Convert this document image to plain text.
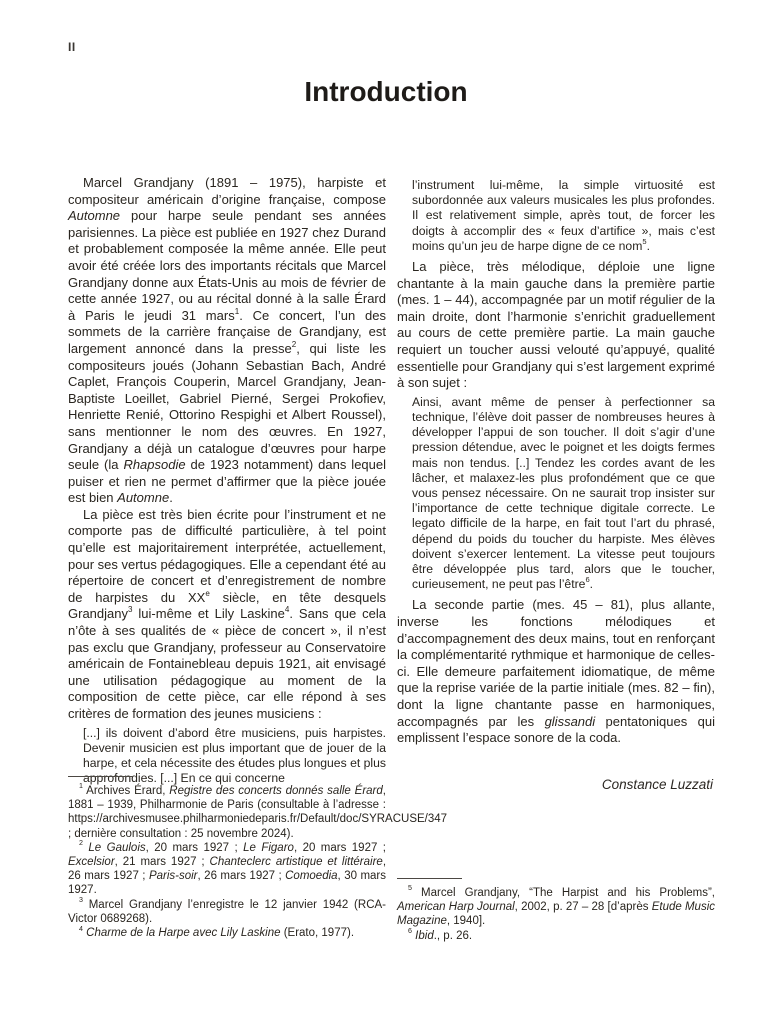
II
Introduction

Marcel Grandjany (1891 – 1975), harpiste et compositeur américain d’origine française, compose Automne pour harpe seule pendant ses années parisiennes. La pièce est publiée en 1927 chez Durand et probablement composée la même année. Elle peut avoir été créée lors des importants récitals que Marcel Grandjany donne aux États-Unis au mois de février de cette année 1927, ou au récital donné à la salle Érard à Paris le jeudi 31 mars$^1$. Ce concert, l’un des sommets de la carrière française de Grandjany, est largement annoncé dans la presse$^2$, qui liste les compositeurs joués (Johann Sebastian Bach, André Caplet, François Couperin, Marcel Grandjany, Jean-Baptiste Loeillet, Gabriel Pierné, Sergei Prokofiev, Henriette Renié, Ottorino Respighi et Albert Roussel), sans mentionner le nom des œuvres. En 1927, Grandjany a déjà un catalogue d’œuvres pour harpe seule (la Rhapsodie de 1923 notamment) dans lequel puiser et rien ne permet d’affirmer que la pièce jouée est bien Automne.

La pièce est très bien écrite pour l’instrument et ne comporte pas de difficulté particulière, à tel point qu’elle est majoritairement interprétée, actuellement, pour ses vertus pédagogiques. Elle a cependant été au répertoire de concert et d’enregistrement de nombre de harpistes du XXe siècle, en tête desquels Grandjany$^3$ lui-même et Lily Laskine$^4$. Sans que cela n’ôte à ses qualités de « pièce de concert », il n’est pas exclu que Grandjany, professeur au Conservatoire américain de Fontainebleau depuis 1921, ait envisagé une utilisation pédagogique au moment de la composition de cette pièce, car elle répond à ses critères de formation des jeunes musiciens :

[...] ils doivent d’abord être musiciens, puis harpistes. Devenir musicien est plus important que de jouer de la harpe, et cela nécessite des études plus longues et plus approfondies. [...] En ce qui concerne

l’instrument lui-même, la simple virtuosité est subordonnée aux valeurs musicales les plus profondes. Il est relativement simple, après tout, de forcer les doigts à accomplir des « feux d’artifice », mais c’est moins qu’un jeu de harpe digne de ce nom$^5$.

La pièce, très mélodique, déploie une ligne chantante à la main gauche dans la première partie (mes. 1 – 44), accompagnée par un motif régulier de la main droite, dont l’harmonie s’enrichit graduellement au cours de cette première partie. La main gauche requiert un toucher aussi velouté qu’appuyé, qualité essentielle pour Grandjany qui s’est largement exprimé à son sujet :

Ainsi, avant même de penser à perfectionner sa technique, l’élève doit passer de nombreuses heures à développer l’appui de son toucher. Il doit s’agir d’une pression détendue, avec le poignet et les doigts fermes mais non tendus. [..] Tendez les cordes avant de les lâcher, et malaxez-les plus profondément que ce que vous pensez nécessaire. On ne saurait trop insister sur l’importance de cette technique digitale correcte. Le legato difficile de la harpe, en fait tout l’art du phrasé, dépend du poids du toucher du harpiste. Mes élèves doivent s’exercer lentement. La vitesse peut toujours être développée plus tard, alors que le toucher, curieusement, ne peut pas l’être$^6$.

La seconde partie (mes. 45 – 81), plus allante, inverse les fonctions mélodiques et d’accompagnement des deux mains, tout en renforçant la complémentarité rythmique et harmonique de celles-ci. Elle demeure parfaitement idiomatique, de même que la reprise variée de la partie initiale (mes. 82 – fin), dont la ligne chantante passe en harmoniques, accompagnés par les glissandi pentatoniques qui emplissent l’espace sonore de la coda.

Constance Luzzati

$^1$ Archives Érard, Registre des concerts donnés salle Érard, 1881 – 1939, Philharmonie de Paris (consultable à l’adresse : https://archivesmusee.philharmoniedeparis.fr/Default/doc/SYRACUSE/347 ; dernière consultation : 25 novembre 2024).

$^2$ Le Gaulois, 20 mars 1927 ; Le Figaro, 20 mars 1927 ; Excelsior, 21 mars 1927 ; Chanteclerc artistique et littéraire, 26 mars 1927 ; Paris-soir, 26 mars 1927 ; Comoedia, 30 mars 1927.

$^3$ Marcel Grandjany l’enregistre le 12 janvier 1942 (RCA-Victor 0689268).

$^4$ Charme de la Harpe avec Lily Laskine (Erato, 1977).

$^5$ Marcel Grandjany, “The Harpist and his Problems”, American Harp Journal, 2002, p. 27 – 28 [d’après Etude Music Magazine, 1940].

$^6$ Ibid., p. 26.
